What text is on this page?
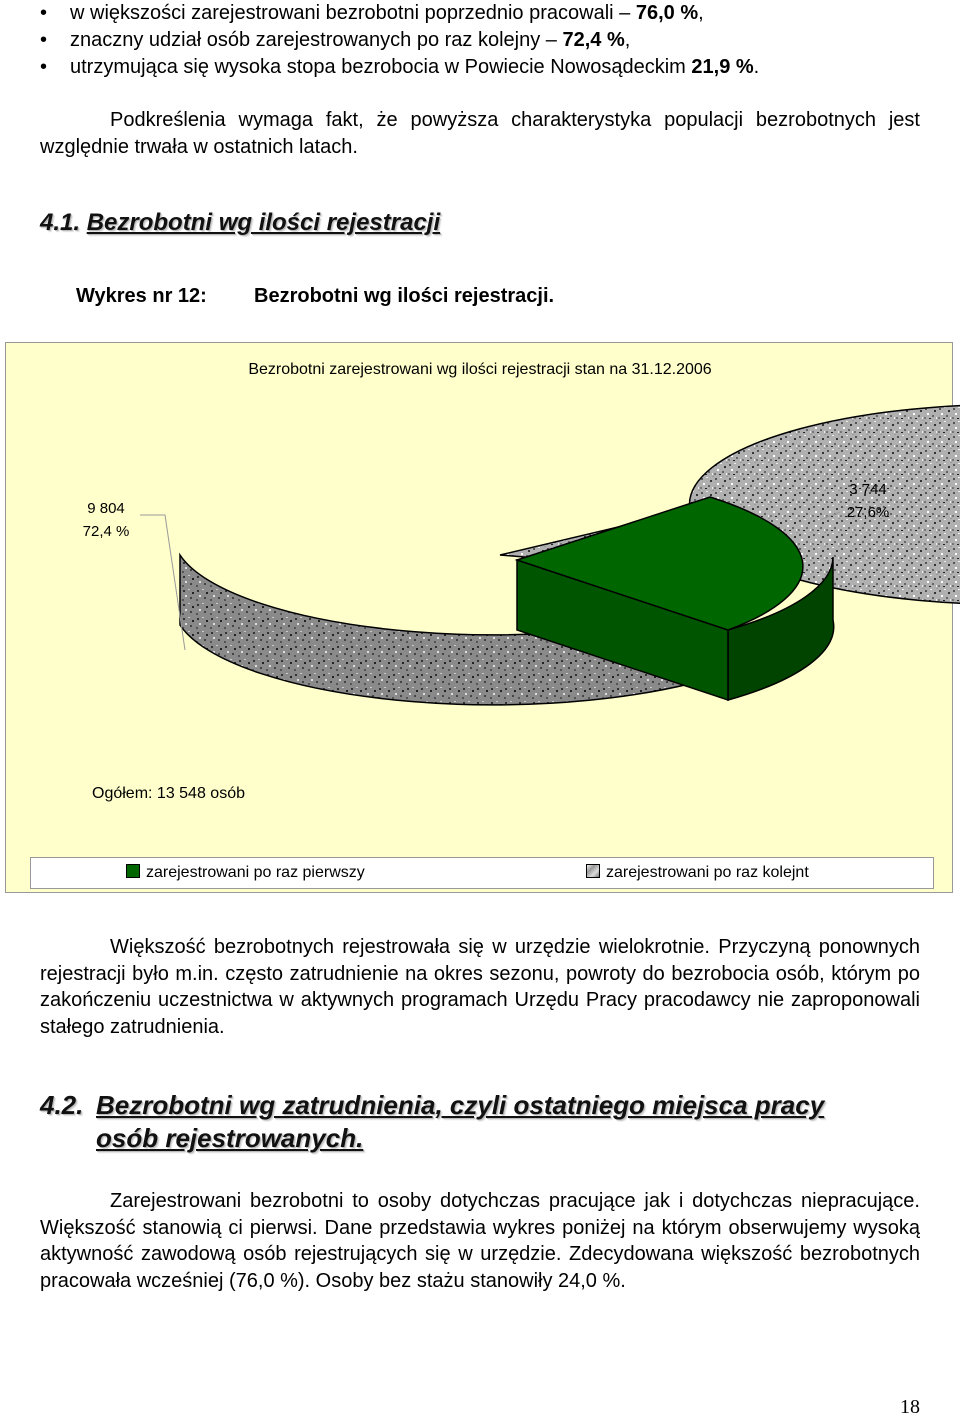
• w większości zarejestrowani bezrobotni poprzednio pracowali – 76,0 %,
• znaczny udział osób zarejestrowanych po raz kolejny – 72,4 %,
• utrzymująca się wysoka stopa bezrobocia w Powiecie Nowosądeckim 21,9 %.
Podkreślenia wymaga fakt, że powyższa charakterystyka populacji bezrobotnych jest względnie trwała w ostatnich latach.
4.1. Bezrobotni wg ilości rejestracji
Wykres nr 12: Bezrobotni wg ilości rejestracji.
Bezrobotni zarejestrowani wg ilości rejestracji stan na 31.12.2006
9 804
72,4 %
3 744
27,6%
Ogółem: 13 548 osób
zarejestrowani po raz pierwszy	zarejestrowani po raz kolejnt
Większość bezrobotnych rejestrowała się w urzędzie wielokrotnie. Przyczyną ponownych rejestracji było m.in. często zatrudnienie na okres sezonu, powroty do bezrobocia osób, którym po zakończeniu uczestnictwa w aktywnych programach Urzędu Pracy pracodawcy nie zaproponowali stałego zatrudnienia.
4.2. Bezrobotni wg zatrudnienia, czyli ostatniego miejsca pracy
osób rejestrowanych.
Zarejestrowani bezrobotni to osoby dotychczas pracujące jak i dotychczas niepracujące. Większość stanowią ci pierwsi. Dane przedstawia wykres poniżej na którym obserwujemy wysoką aktywność zawodową osób rejestrujących się w urzędzie. Zdecydowana większość bezrobotnych pracowała wcześniej (76,0 %). Osoby bez stażu stanowiły 24,0 %.
18
